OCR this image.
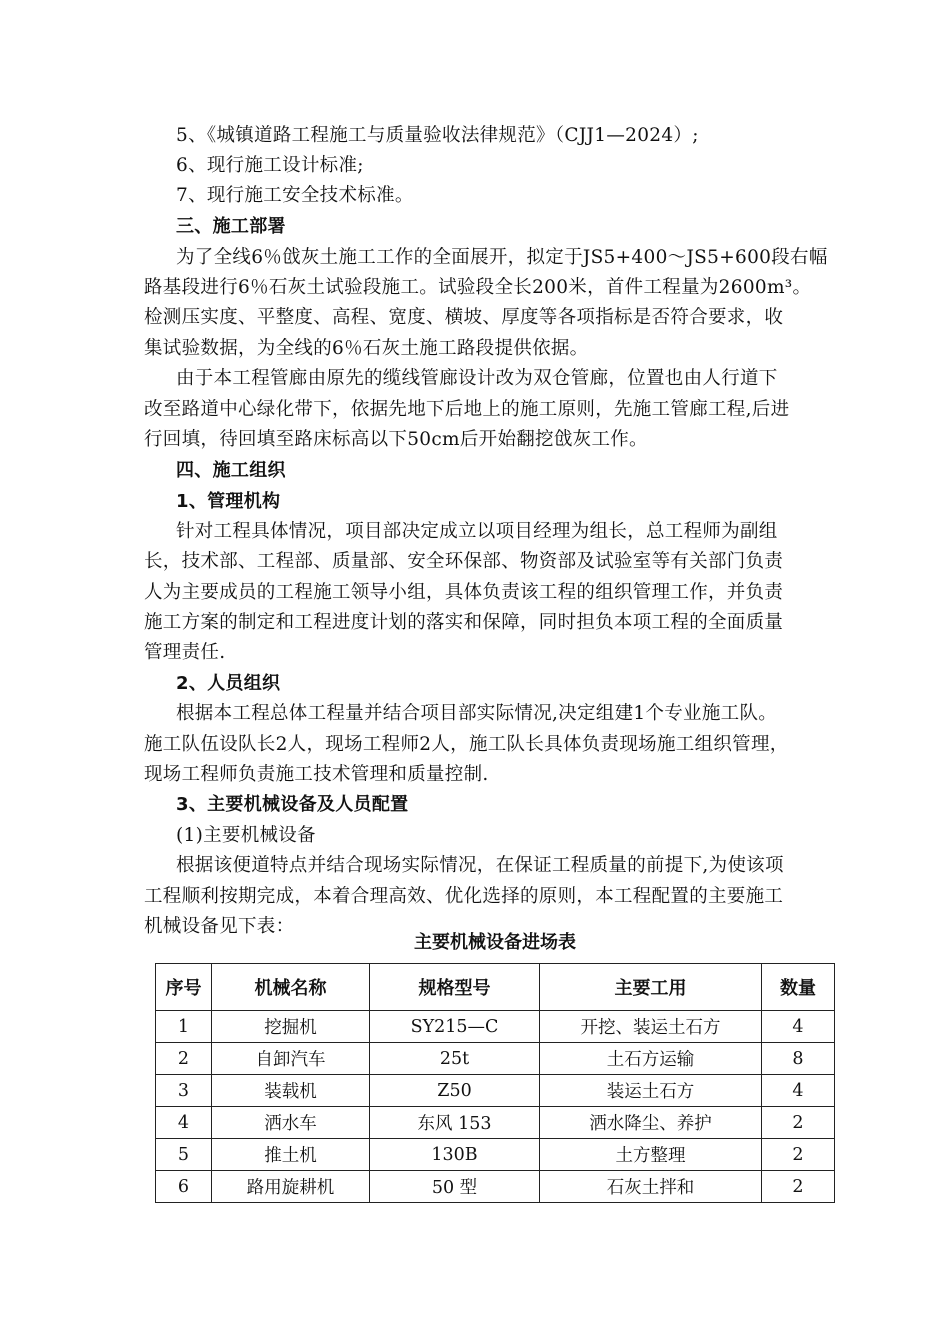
5、《城镇道路工程施工与质量验收法律规范》（CJJ1—2024）;
6、现行施工设计标准;
7、现行施工安全技术标准。
三、施工部署
为了全线6％戗灰土施工工作的全面展开，拟定于JS5+400～JS5+600段右幅
路基段进行6％石灰土试验段施工。试验段全长200米，首件工程量为2600m³。
检测压实度、平整度、高程、宽度、横坡、厚度等各项指标是否符合要求，收
集试验数据，为全线的6％石灰土施工路段提供依据。
由于本工程管廊由原先的缆线管廊设计改为双仓管廊，位置也由人行道下
改至路道中心绿化带下，依据先地下后地上的施工原则，先施工管廊工程,后进
行回填，待回填至路床标高以下50cm后开始翻挖戗灰工作。
四、施工组织
1、管理机构
针对工程具体情况，项目部决定成立以项目经理为组长，总工程师为副组
长，技术部、工程部、质量部、安全环保部、物资部及试验室等有关部门负责
人为主要成员的工程施工领导小组，具体负责该工程的组织管理工作，并负责
施工方案的制定和工程进度计划的落实和保障，同时担负本项工程的全面质量
管理责任.
2、人员组织
根据本工程总体工程量并结合项目部实际情况,决定组建1个专业施工队。
施工队伍设队长2人，现场工程师2人，施工队长具体负责现场施工组织管理，
现场工程师负责施工技术管理和质量控制.
3、主要机械设备及人员配置
(1)主要机械设备
根据该便道特点并结合现场实际情况，在保证工程质量的前提下,为使该项
工程顺利按期完成，本着合理高效、优化选择的原则，本工程配置的主要施工
机械设备见下表：
主要机械设备进场表
序号	机械名称	规格型号	主要工用	数量
1	挖掘机	SY215—C	开挖、装运土石方	4
2	自卸汽车	25t	土石方运输	8
3	装载机	Z50	装运土石方	4
4	洒水车	东风 153	洒水降尘、养护	2
5	推土机	130B	土方整理	2
6	路用旋耕机	50 型	石灰土拌和	2
